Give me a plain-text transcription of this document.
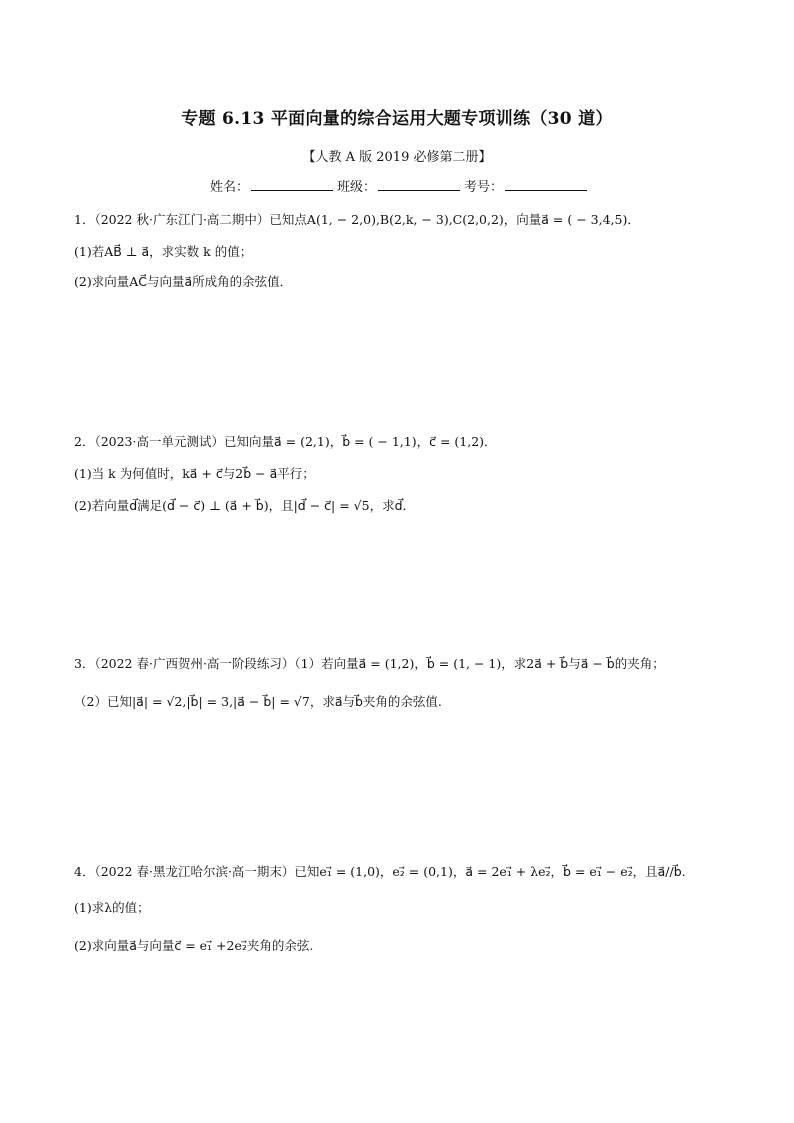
专题 6.13 平面向量的综合运用大题专项训练（30 道）
【人教 A 版 2019 必修第二册】
姓名：	班级：	考号：
1．（2022 秋·广东江门·高二期中）已知点A(1, − 2,0),B(2,k, − 3),C(2,0,2)，向量a⃗ = ( − 3,4,5)．
(1)若AB⃗ ⊥ a⃗，求实数 k 的值；
(2)求向量AC⃗与向量a⃗所成角的余弦值．
2．（2023·高一单元测试）已知向量a⃗ = (2,1)，b⃗ = ( − 1,1)，c⃗ = (1,2)．
(1)当 k 为何值时，ka⃗ + c⃗与2b⃗ − a⃗平行；
(2)若向量d⃗满足(d⃗ − c⃗) ⊥ (a⃗ + b⃗)，且|d⃗ − c⃗| = √5，求d⃗．
3．（2022 春·广西贺州·高一阶段练习）（1）若向量a⃗ = (1,2)，b⃗ = (1, − 1)，求2a⃗ + b⃗与a⃗ − b⃗的夹角；
（2）已知|a⃗| = √2,|b⃗| = 3,|a⃗ − b⃗| = √7，求a⃗与b⃗夹角的余弦值.
4．（2022 春·黑龙江哈尔滨·高一期末）已知e₁⃗ = (1,0)，e₂⃗ = (0,1)，a⃗ = 2e₁⃗ + λe₂⃗，b⃗ = e₁⃗ − e₂⃗，且a⃗//b⃗.
(1)求λ的值；
(2)求向量a⃗与向量c⃗ = e₁⃗ +2e₂⃗夹角的余弦.
